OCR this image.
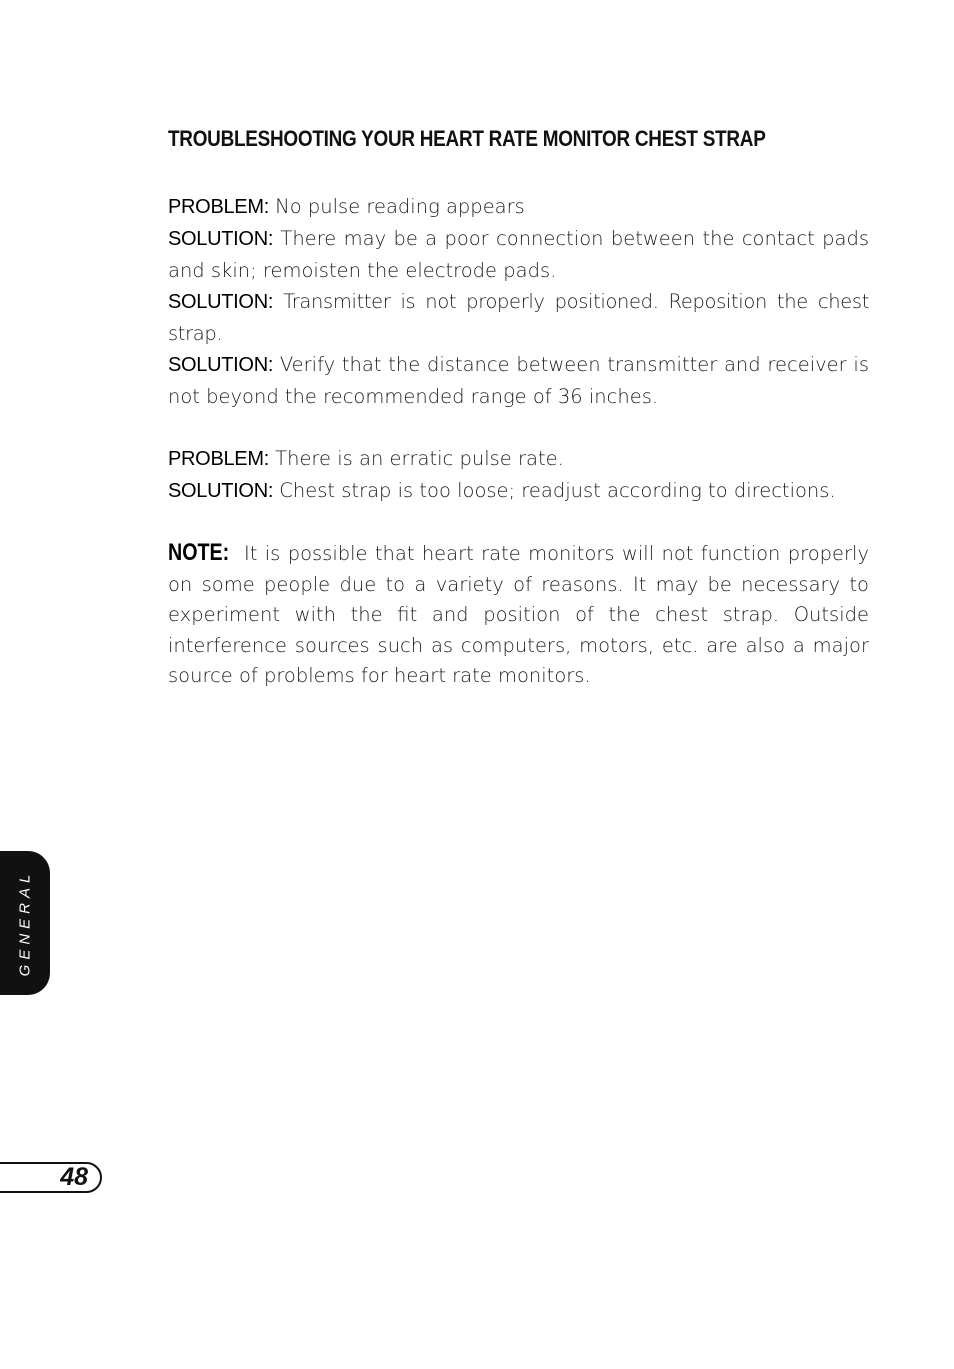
TROUBLESHOOTING YOUR HEART RATE MONITOR CHEST STRAP

PROBLEM: No pulse reading appears

SOLUTION: There may be a poor connection between the contact pads and skin; remoisten the electrode pads.

SOLUTION: Transmitter is not properly positioned. Reposition the chest strap.

SOLUTION: Verify that the distance between transmitter and receiver is not beyond the recommended range of 36 inches.

PROBLEM: There is an erratic pulse rate.

SOLUTION: Chest strap is too loose; readjust according to directions.

NOTE: It is possible that heart rate monitors will not function properly on some people due to a variety of reasons. It may be necessary to experiment with the fit and position of the chest strap. Outside interference sources such as computers, motors, etc. are also a major source of problems for heart rate monitors.

GENERAL
48
